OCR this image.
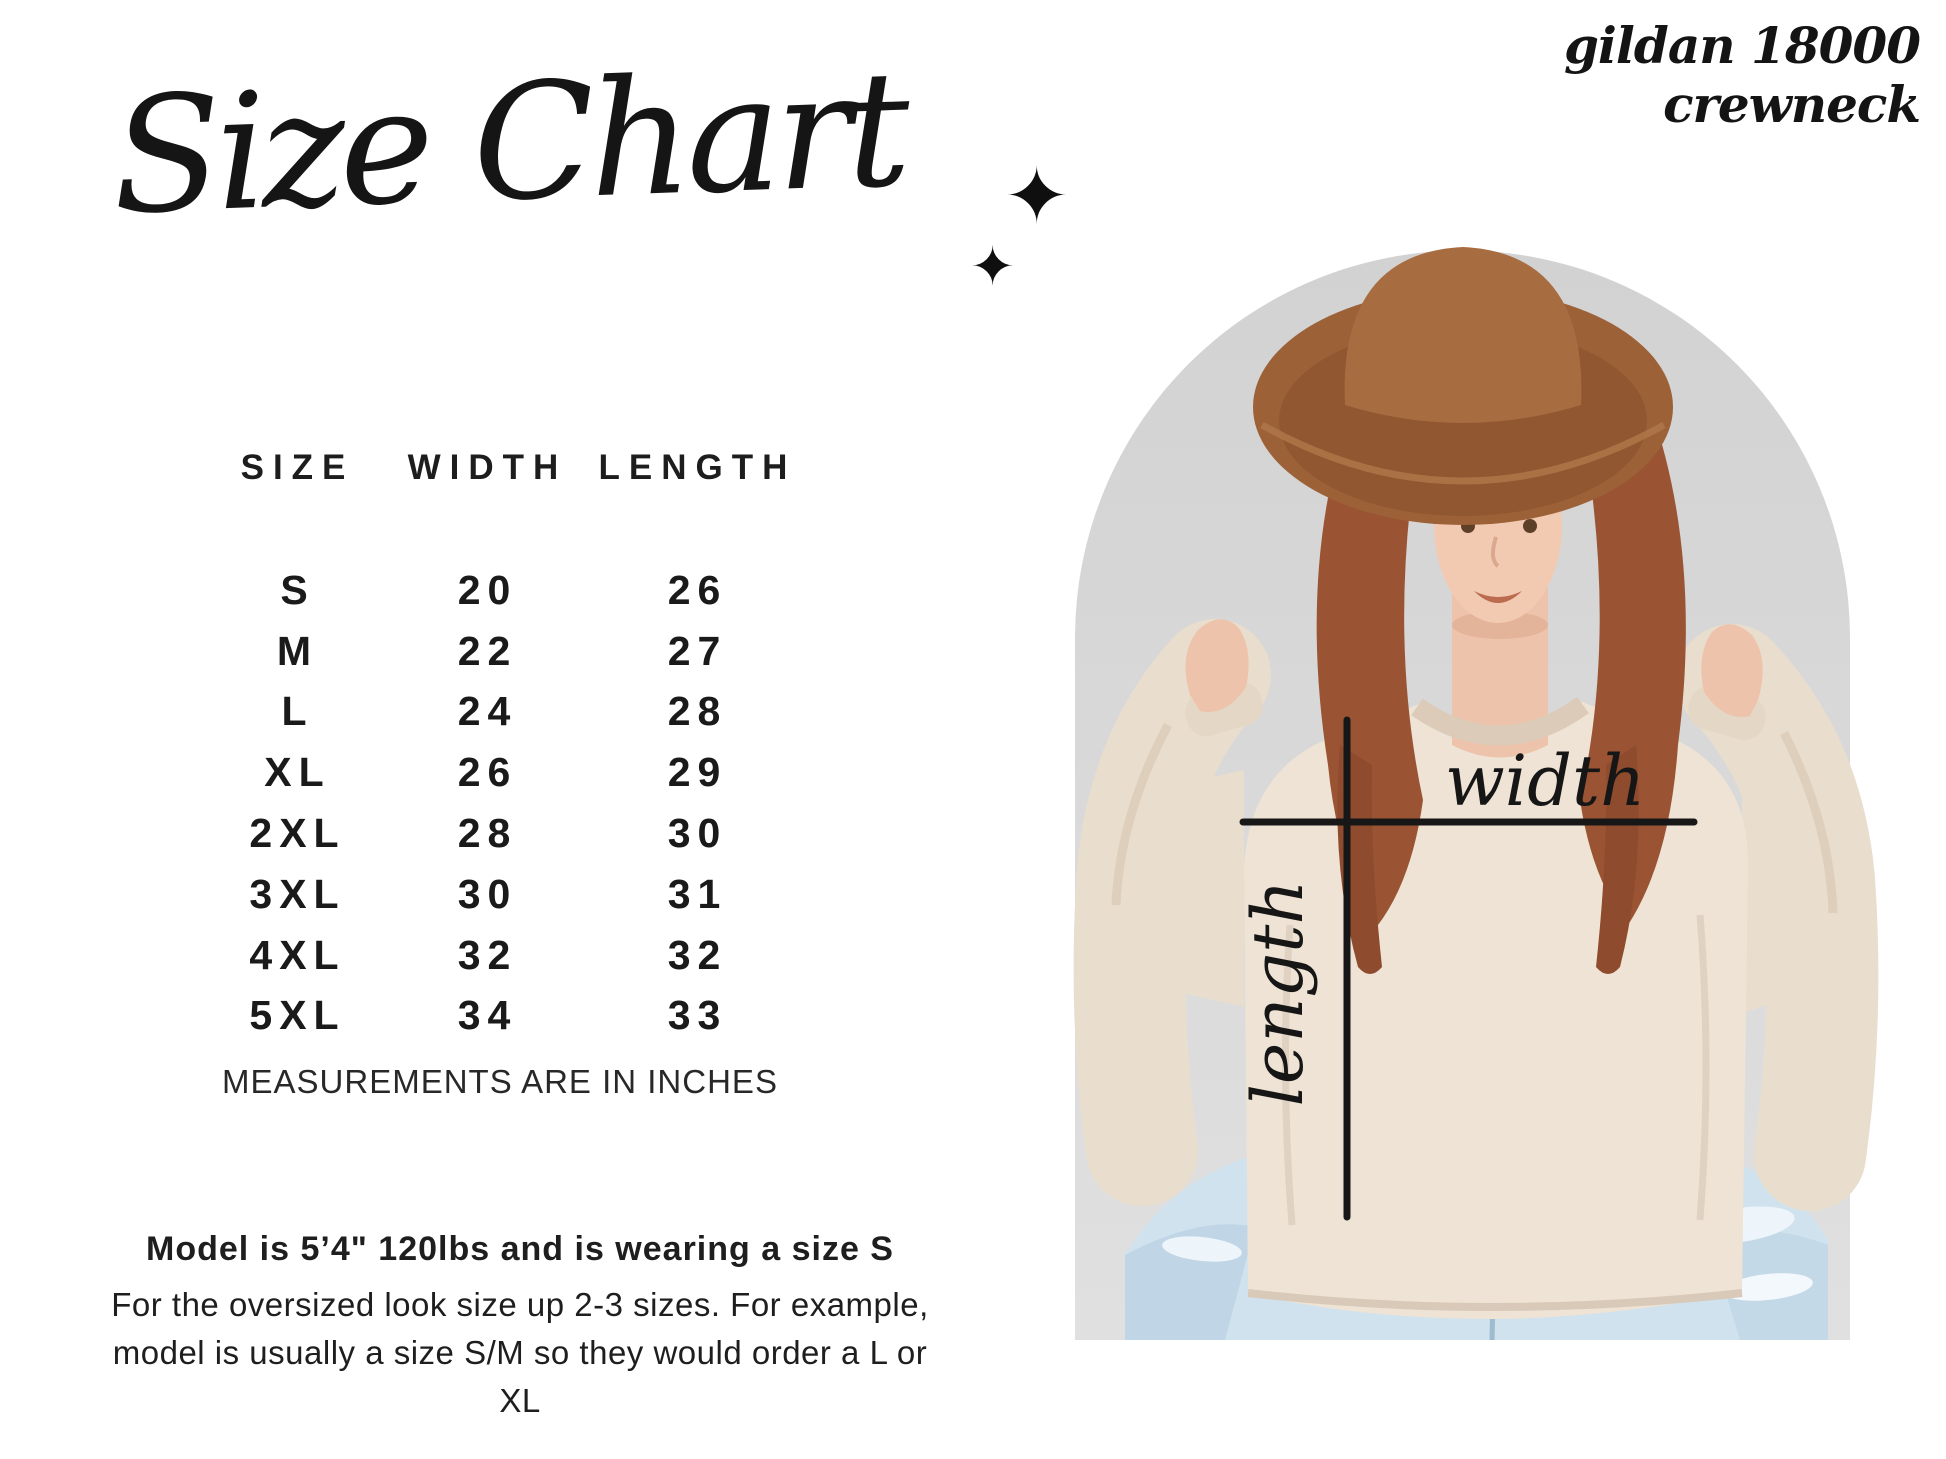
gildan 18000 crewneck
Size Chart	✦
✦
SIZE	WIDTH LENGTH
S	20	26
M	22	27
L	24	28
XL	26	29
2XL	28	30
3XL	30	31
4XL	32	32
5XL	34	33
MEASUREMENTS ARE IN INCHES
Model is 5’4" 120lbs and is wearing a size S
For the oversized look size up 2-3 sizes. For example,
model is usually a size S/M so they would order a L or XL
width
length
